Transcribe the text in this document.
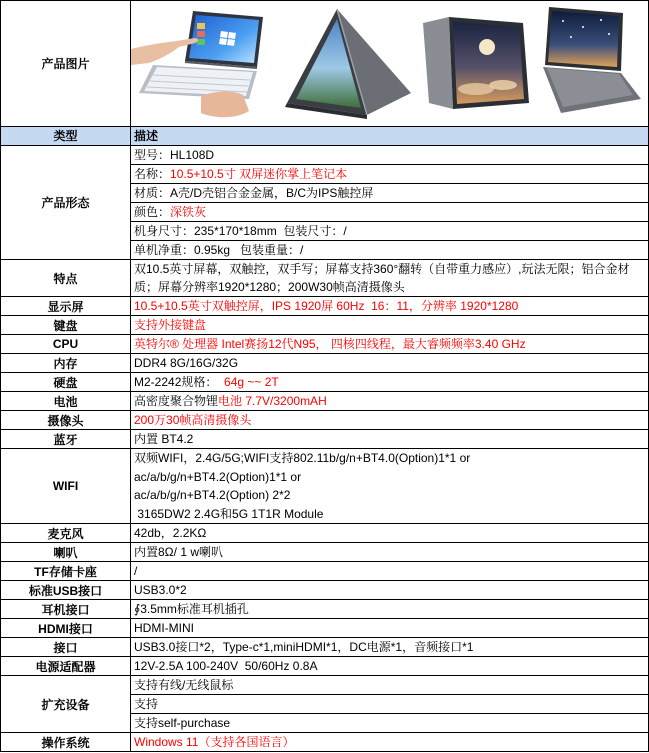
产品图片
类型	描述
产品形态
型号：HL108D
名称：10.5+10.5寸 双屏迷你掌上笔记本
材质：A壳/D壳铝合金金属，B/C为IPS触控屏
颜色：深铁灰
机身尺寸：235*170*18mm  包装尺寸：/
单机净重：0.95kg   包装重量：/
特点
双10.5英寸屏幕，双触控，双手写；屏幕支持360°翻转（自带重力感应）,玩法无限；铝合金材质；屏幕分辨率1920*1280；200W30帧高清摄像头
显示屏	10.5+10.5英寸双触控屏，IPS 1920屏 60Hz  16：11，分辨率 1920*1280
键盘	支持外接键盘
CPU	英特尔® 处理器 Intel赛扬12代N95， 四核四线程，最大睿频频率3.40 GHz
内存	DDR4 8G/16G/32G
硬盘	M2-2242规格：  64g ~~ 2T
电池	高密度聚合物锂电池 7.7V/3200mAH
摄像头	200万30帧高清摄像头
蓝牙	内置 BT4.2
WIFI
双频WIFI，2.4G/5G;WIFI支持802.11b/g/n+BT4.0(Option)1*1 or
ac/a/b/g/n+BT4.2(Option)1*1 or
ac/a/b/g/n+BT4.2(Option) 2*2
3165DW2 2.4G和5G 1T1R Module
麦克风	42db，2.2KΩ
喇叭	内置8Ω/ 1 w喇叭
TF存储卡座	/
标准USB接口	USB3.0*2
耳机接口	∮3.5mm标准耳机插孔
HDMI接口	HDMI-MINI
接口	USB3.0接口*2，Type-c*1,miniHDMI*1，DC电源*1，音频接口*1
电源适配器	12V-2.5A 100-240V  50/60Hz 0.8A
扩充设备
支持有线/无线鼠标
支持
支持self-purchase
操作系统	Windows 11（支持各国语言）
